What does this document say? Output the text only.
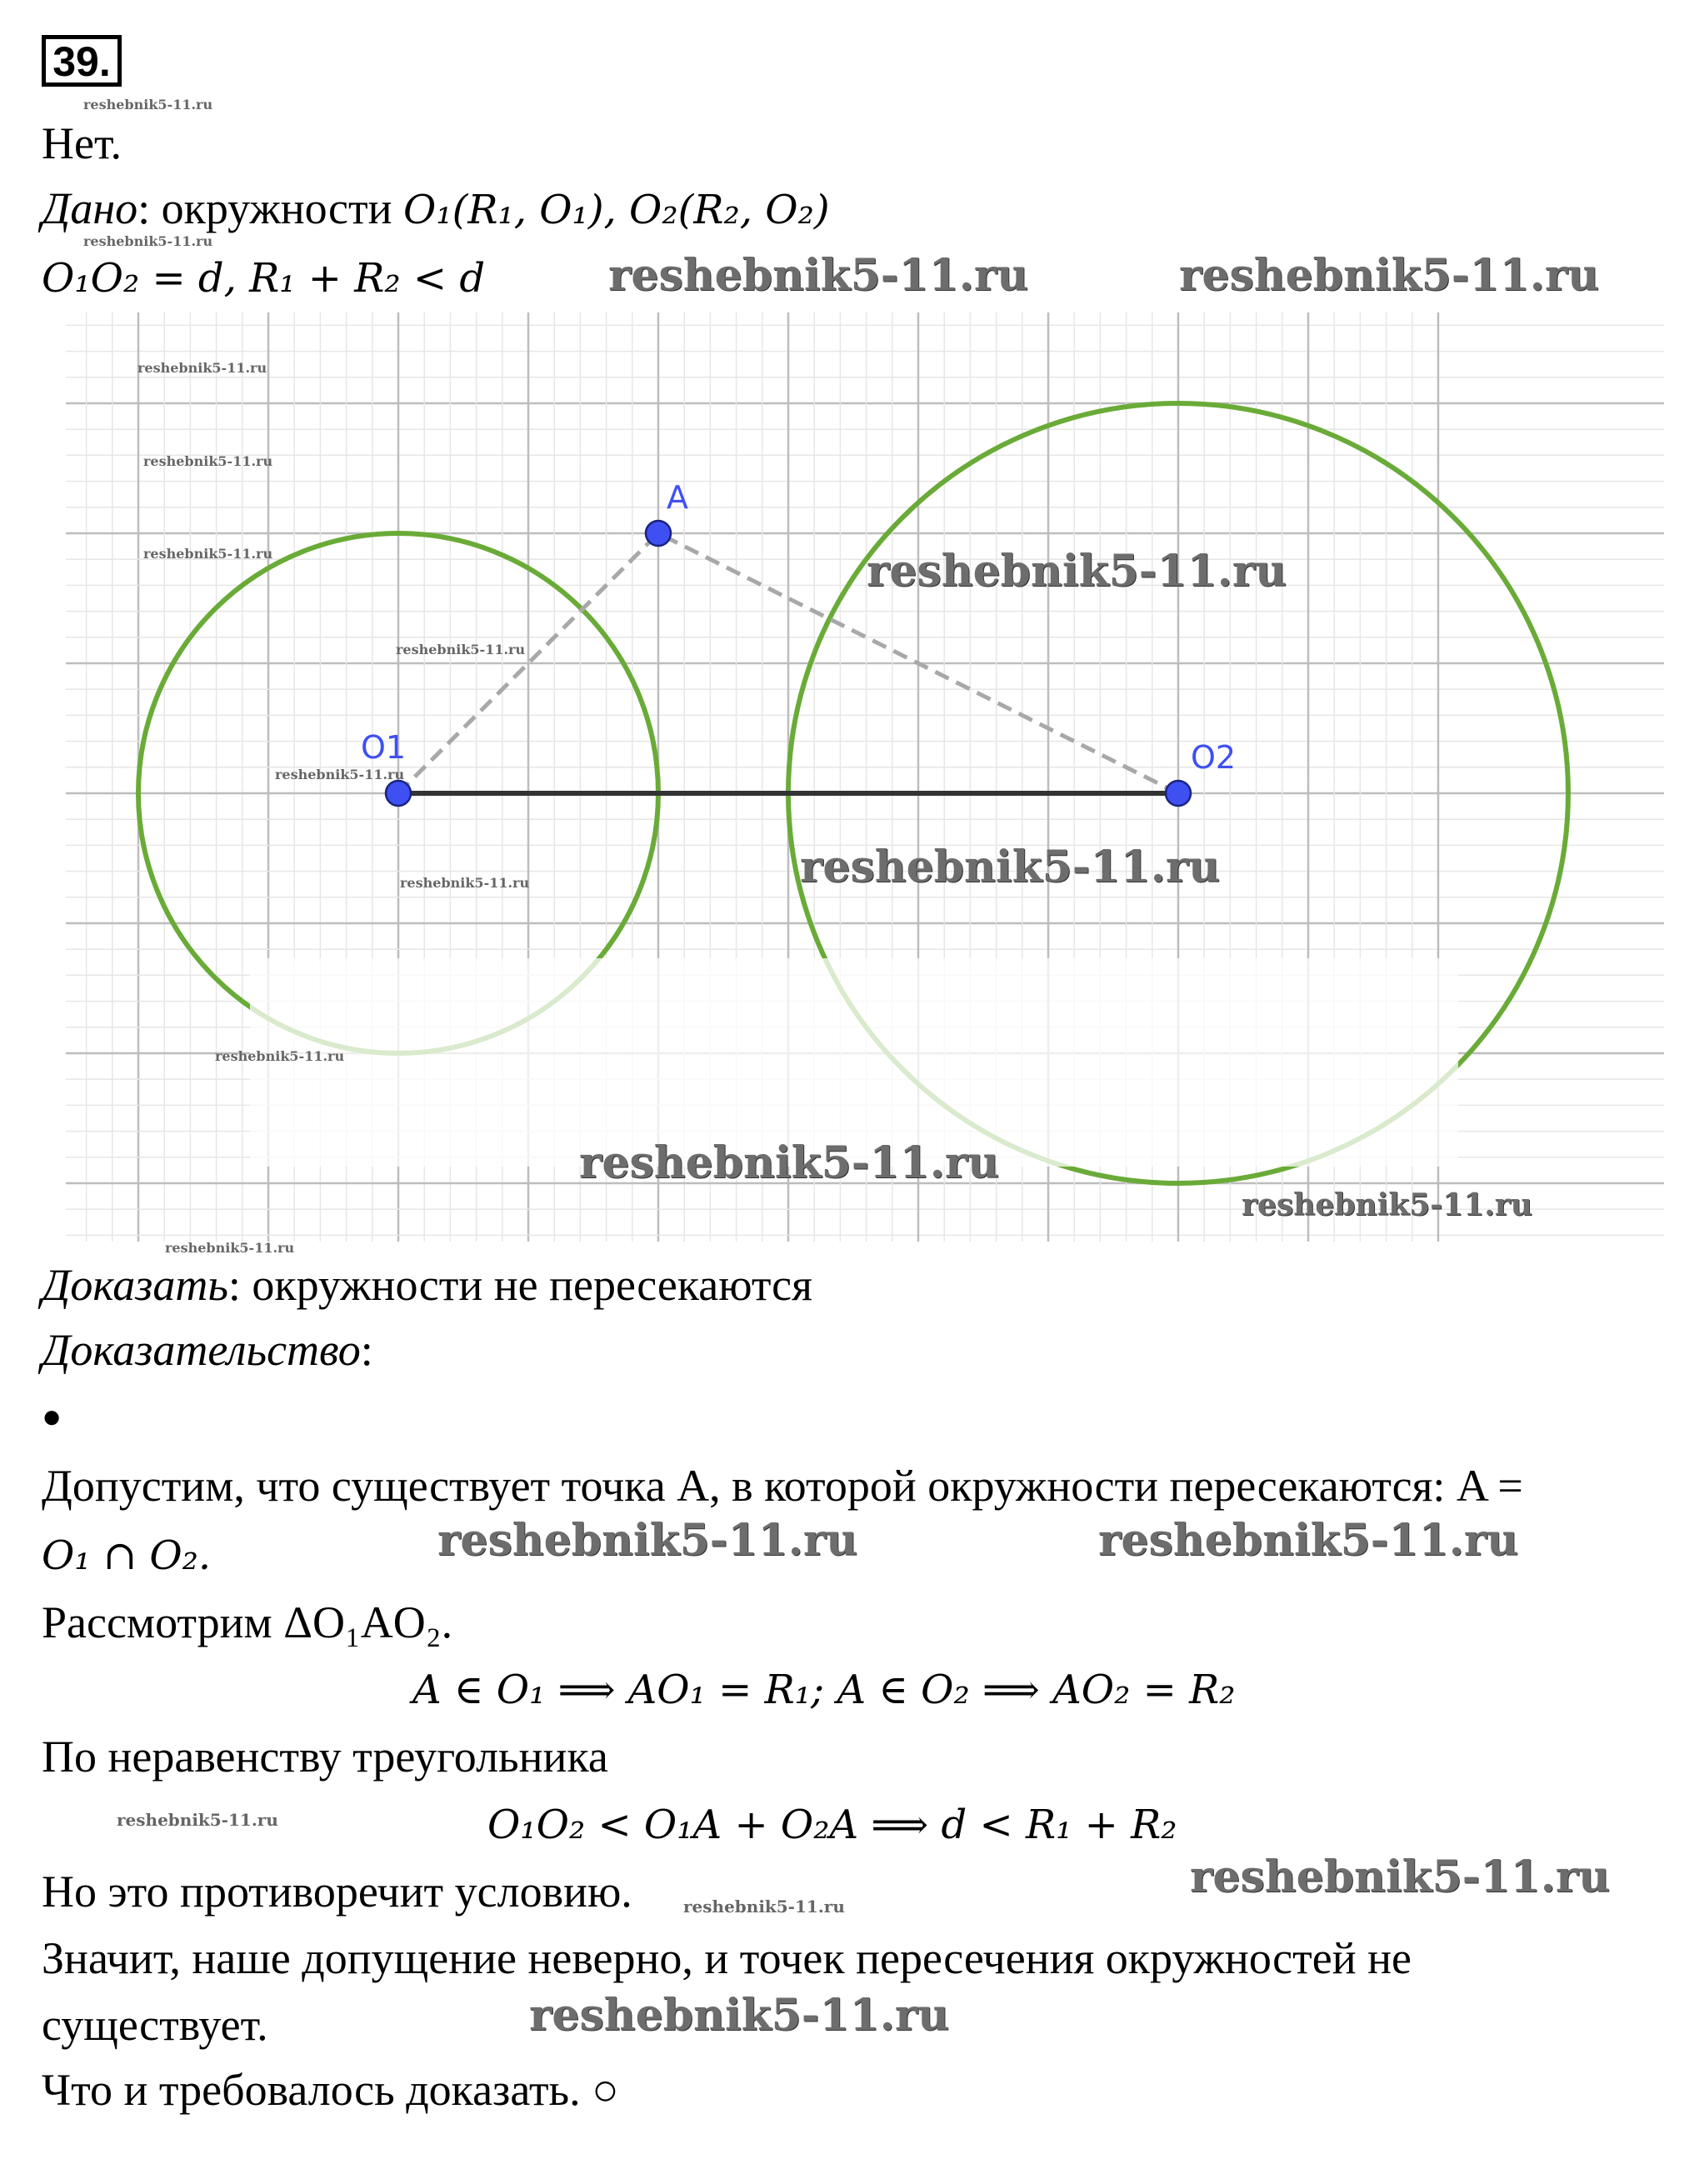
39.
Нет.
Дано: окружности O₁(R₁, O₁), O₂(R₂, O₂)
O₁O₂ = d, R₁ + R₂ < d
A
O1	O2
Доказать: окружности не пересекаются
Доказательство:
●
Допустим, что существует точка A, в которой окружности пересекаются: A =
O₁ ∩ O₂.
Рассмотрим ΔO₁AO₂.
A ∈ O₁ ⟹ AO₁ = R₁; A ∈ O₂ ⟹ AO₂ = R₂
По неравенству треугольника
O₁O₂ < O₁A + O₂A ⟹ d < R₁ + R₂
Но это противоречит условию.
Значит, наше допущение неверно, и точек пересечения окружностей не
существует.
Что и требовалось доказать. ○
reshebnik5-11.ru
reshebnik5-11.ru
reshebnik5-11.ru	reshebnik5-11.ru
reshebnik5-11.ru
reshebnik5-11.ru
reshebnik5-11.ru
reshebnik5-11.ru
reshebnik5-11.ru
reshebnik5-11.ru
reshebnik5-11.ru
reshebnik5-11.ru
reshebnik5-11.ru
reshebnik5-11.ru
reshebnik5-11.ru
reshebnik5-11.ru
reshebnik5-11.ru	reshebnik5-11.ru
reshebnik5-11.ru
reshebnik5-11.ru
reshebnik5-11.ru
reshebnik5-11.ru
